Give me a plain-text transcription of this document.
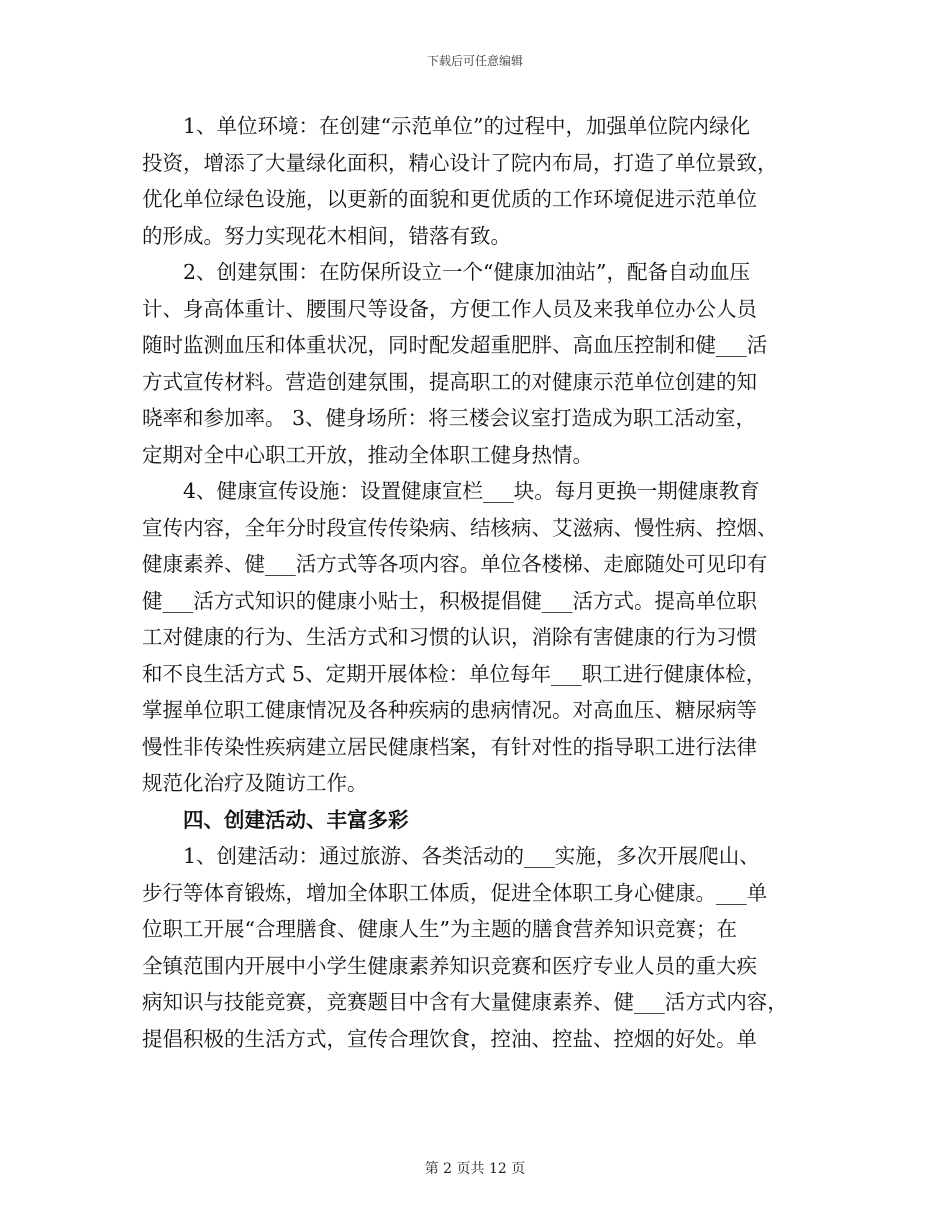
下载后可任意编辑
1、单位环境：在创建“示范单位”的过程中，加强单位院内绿化
投资，增添了大量绿化面积，精心设计了院内布局，打造了单位景致，
优化单位绿色设施，以更新的面貌和更优质的工作环境促进示范单位
的形成。努力实现花木相间，错落有致。
2、创建氛围：在防保所设立一个“健康加油站”，配备自动血压
计、身高体重计、腰围尺等设备，方便工作人员及来我单位办公人员
随时监测血压和体重状况，同时配发超重肥胖、高血压控制和健___活
方式宣传材料。营造创建氛围，提高职工的对健康示范单位创建的知
晓率和参加率。 3、健身场所：将三楼会议室打造成为职工活动室，
定期对全中心职工开放，推动全体职工健身热情。
4、健康宣传设施：设置健康宣栏___块。每月更换一期健康教育
宣传内容，全年分时段宣传传染病、结核病、艾滋病、慢性病、控烟、
健康素养、健___活方式等各项内容。单位各楼梯、走廊随处可见印有
健___活方式知识的健康小贴士，积极提倡健___活方式。提高单位职
工对健康的行为、生活方式和习惯的认识，消除有害健康的行为习惯
和不良生活方式 5、定期开展体检：单位每年___职工进行健康体检，
掌握单位职工健康情况及各种疾病的患病情况。对高血压、糖尿病等
慢性非传染性疾病建立居民健康档案，有针对性的指导职工进行法律
规范化治疗及随访工作。
四、创建活动、丰富多彩
1、创建活动：通过旅游、各类活动的___实施，多次开展爬山、
步行等体育锻炼，增加全体职工体质，促进全体职工身心健康。___单
位职工开展“合理膳食、健康人生”为主题的膳食营养知识竞赛；在
全镇范围内开展中小学生健康素养知识竞赛和医疗专业人员的重大疾
病知识与技能竞赛，竞赛题目中含有大量健康素养、健___活方式内容，
提倡积极的生活方式，宣传合理饮食，控油、控盐、控烟的好处。单
第 2 页共 12 页
